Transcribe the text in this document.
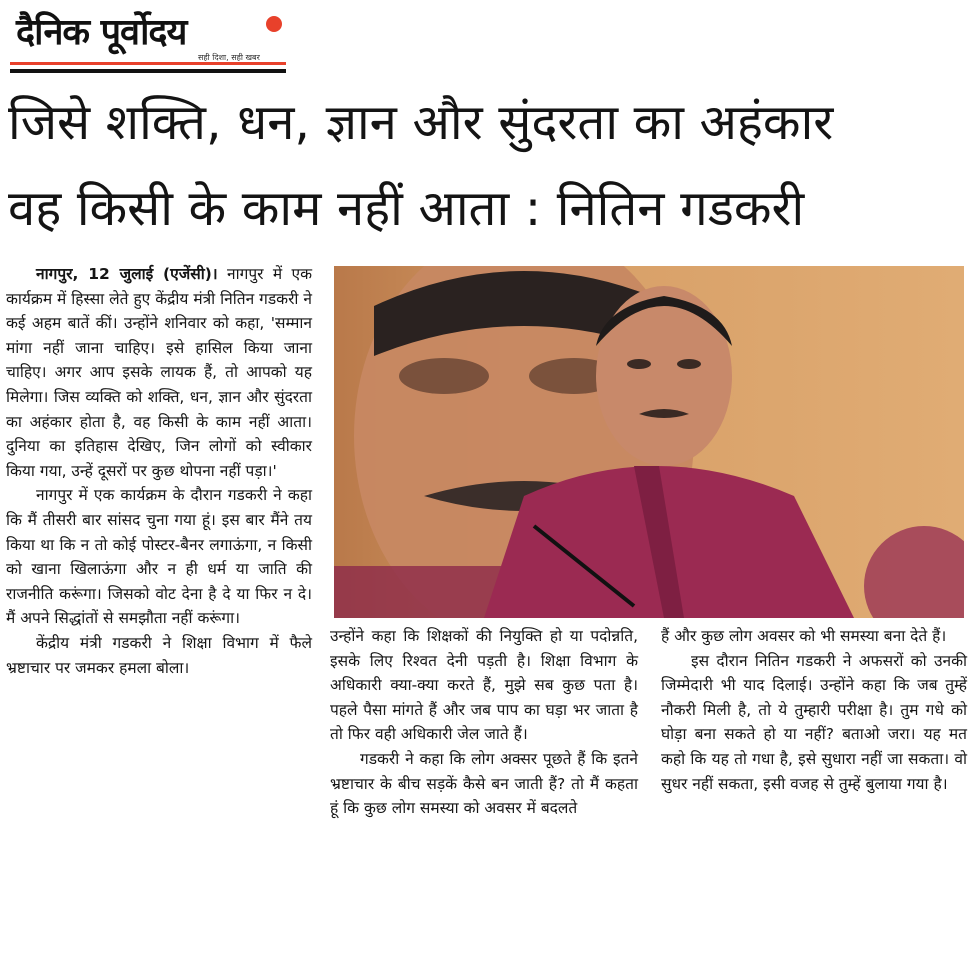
दैनिक पूर्वोदय
सही दिशा, सही खबर
जिसे शक्ति, धन, ज्ञान और सुंदरता का अहंकार
वह किसी के काम नहीं आता : नितिन गडकरी

नागपुर, 12 जुलाई (एजेंसी)। नागपुर में एक कार्यक्रम में हिस्सा लेते हुए केंद्रीय मंत्री नितिन गडकरी ने कई अहम बातें कीं। उन्होंने शनिवार को कहा, 'सम्मान मांगा नहीं जाना चाहिए। इसे हासिल किया जाना चाहिए। अगर आप इसके लायक हैं, तो आपको यह मिलेगा। जिस व्यक्ति को शक्ति, धन, ज्ञान और सुंदरता का अहंकार होता है, वह किसी के काम नहीं आता। दुनिया का इतिहास देखिए, जिन लोगों को स्वीकार किया गया, उन्हें दूसरों पर कुछ थोपना नहीं पड़ा।'

नागपुर में एक कार्यक्रम के दौरान गडकरी ने कहा कि मैं तीसरी बार सांसद चुना गया हूं। इस बार मैंने तय किया था कि न तो कोई पोस्टर-बैनर लगाऊंगा, न किसी को खाना खिलाऊंगा और न ही धर्म या जाति की राजनीति करूंगा। जिसको वोट देना है दे या फिर न दे। मैं अपने सिद्धांतों से समझौता नहीं करूंगा।

केंद्रीय मंत्री गडकरी ने शिक्षा विभाग में फैले भ्रष्टाचार पर जमकर हमला बोला।

उन्होंने कहा कि शिक्षकों की नियुक्ति हो या पदोन्नति, इसके लिए रिश्वत देनी पड़ती है। शिक्षा विभाग के अधिकारी क्या-क्या करते हैं, मुझे सब कुछ पता है। पहले पैसा मांगते हैं और जब पाप का घड़ा भर जाता है तो फिर वही अधिकारी जेल जाते हैं।

गडकरी ने कहा कि लोग अक्सर पूछते हैं कि इतने भ्रष्टाचार के बीच सड़कें कैसे बन जाती हैं? तो मैं कहता हूं कि कुछ लोग समस्या को अवसर में बदलते

हैं और कुछ लोग अवसर को भी समस्या बना देते हैं।

इस दौरान नितिन गडकरी ने अफसरों को उनकी जिम्मेदारी भी याद दिलाई। उन्होंने कहा कि जब तुम्हें नौकरी मिली है, तो ये तुम्हारी परीक्षा है। तुम गधे को घोड़ा बना सकते हो या नहीं? बताओ जरा। यह मत कहो कि यह तो गधा है, इसे सुधारा नहीं जा सकता। वो सुधर नहीं सकता, इसी वजह से तुम्हें बुलाया गया है।
